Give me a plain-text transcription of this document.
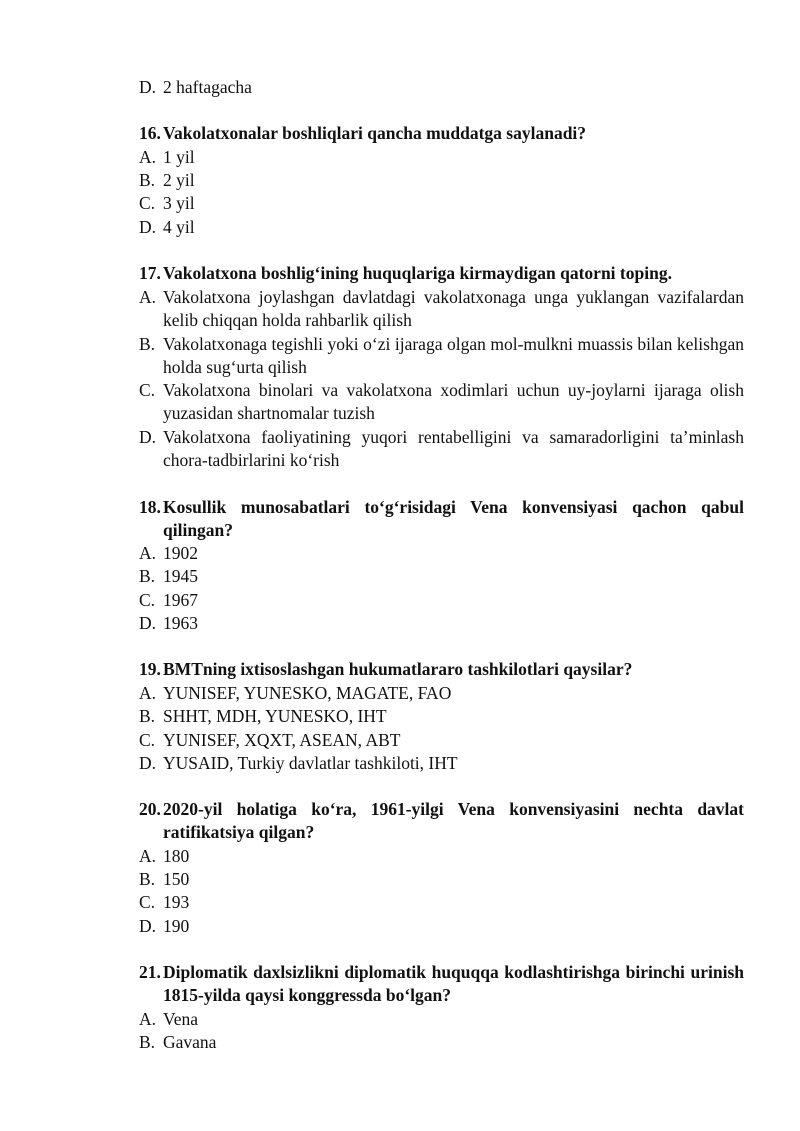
D. 2 haftagacha
16. Vakolatxonalar boshliqlari qancha muddatga saylanadi?
A. 1 yil
B. 2 yil
C. 3 yil
D. 4 yil
17. Vakolatxona boshlig‘ining huquqlariga kirmaydigan qatorni toping.
A. Vakolatxona joylashgan davlatdagi vakolatxonaga unga yuklangan vazifalardan kelib chiqqan holda rahbarlik qilish
B. Vakolatxonaga tegishli yoki o‘zi ijaraga olgan mol-mulkni muassis bilan kelishgan holda sug‘urta qilish
C. Vakolatxona binolari va vakolatxona xodimlari uchun uy-joylarni ijaraga olish yuzasidan shartnomalar tuzish
D. Vakolatxona faoliyatining yuqori rentabelligini va samaradorligini ta’minlash chora-tadbirlarini ko‘rish
18. Kosullik munosabatlari to‘g‘risidagi Vena konvensiyasi qachon qabul qilingan?
A. 1902
B. 1945
C. 1967
D. 1963
19. BMTning ixtisoslashgan hukumatlararo tashkilotlari qaysilar?
A. YUNISEF, YUNESKO, MAGATE, FAO
B. SHHT, MDH, YUNESKO, IHT
C. YUNISEF, XQXT, ASEAN, ABT
D. YUSAID, Turkiy davlatlar tashkiloti, IHT
20. 2020-yil holatiga ko‘ra, 1961-yilgi Vena konvensiyasini nechta davlat ratifikatsiya qilgan?
A. 180
B. 150
C. 193
D. 190
21. Diplomatik daxlsizlikni diplomatik huquqqa kodlashtirishga birinchi urinish 1815-yilda qaysi konggressda bo‘lgan?
A. Vena
B. Gavana
